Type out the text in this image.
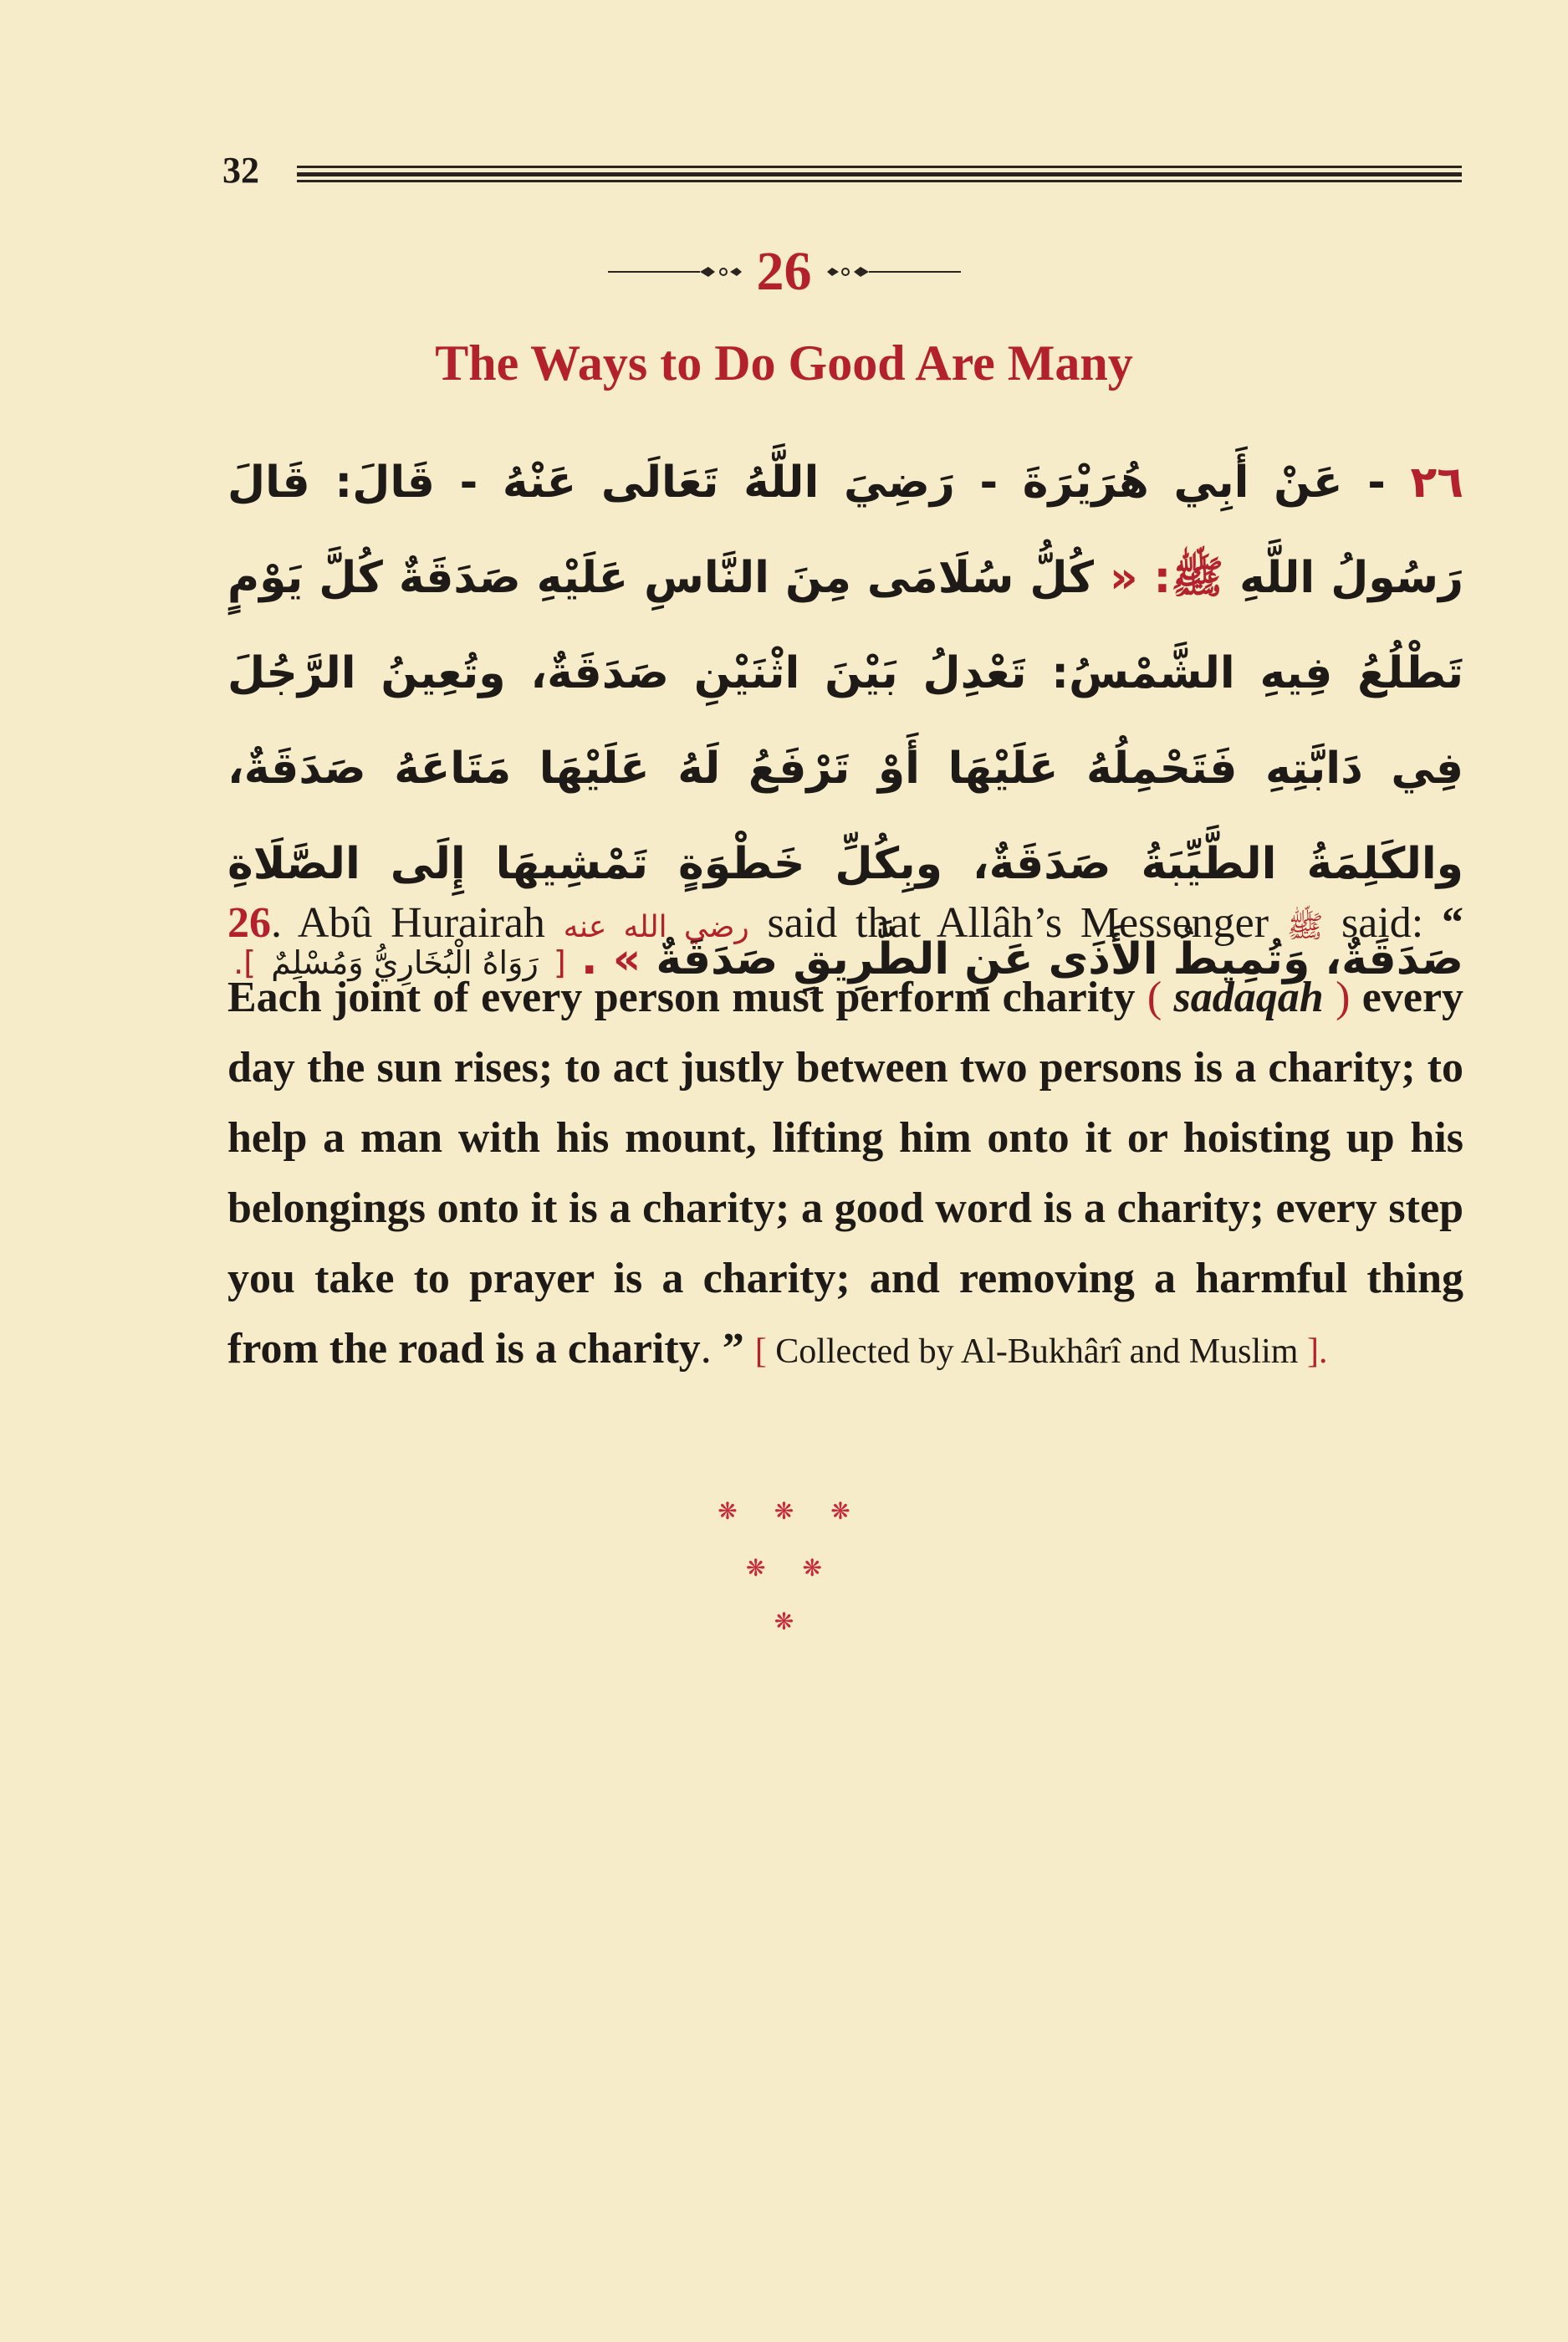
32
26
The Ways to Do Good Are Many
٢٦ - عَنْ أَبِي هُرَيْرَةَ - رَضِيَ اللَّهُ تَعَالَى عَنْهُ - قَالَ: قَالَ رَسُولُ اللَّهِ ﷺ: « كُلُّ سُلَامَى مِنَ النَّاسِ عَلَيْهِ صَدَقَةٌ كُلَّ يَوْمٍ تَطْلُعُ فِيهِ الشَّمْسُ: تَعْدِلُ بَيْنَ اثْنَيْنِ صَدَقَةٌ، وتُعِينُ الرَّجُلَ فِي دَابَّتِهِ فَتَحْمِلُهُ عَلَيْهَا أَوْ تَرْفَعُ لَهُ عَلَيْهَا مَتَاعَهُ صَدَقَةٌ، والكَلِمَةُ الطَّيِّبَةُ صَدَقَةٌ، وبِكُلِّ خَطْوَةٍ تَمْشِيهَا إِلَى الصَّلَاةِ صَدَقَةٌ، وَتُمِيطُ الأَذَى عَنِ الطَّرِيقِ صَدَقَةٌ » . [ رَوَاهُ الْبُخَارِيُّ وَمُسْلِمٌ ].
26. Abû Hurairah رضي الله عنه said that Allâh’s Messenger ﷺ said: “ Each joint of every person must perform charity ( sadaqah ) every day the sun rises; to act justly between two persons is a charity; to help a man with his mount, lifting him onto it or hoisting up his belongings onto it is a charity; a good word is a charity; every step you take to prayer is a charity; and removing a harmful thing from the road is a charity. ” [ Collected by Al-Bukhârî and Muslim ].
❋ ❋ ❋
❋ ❋
❋
